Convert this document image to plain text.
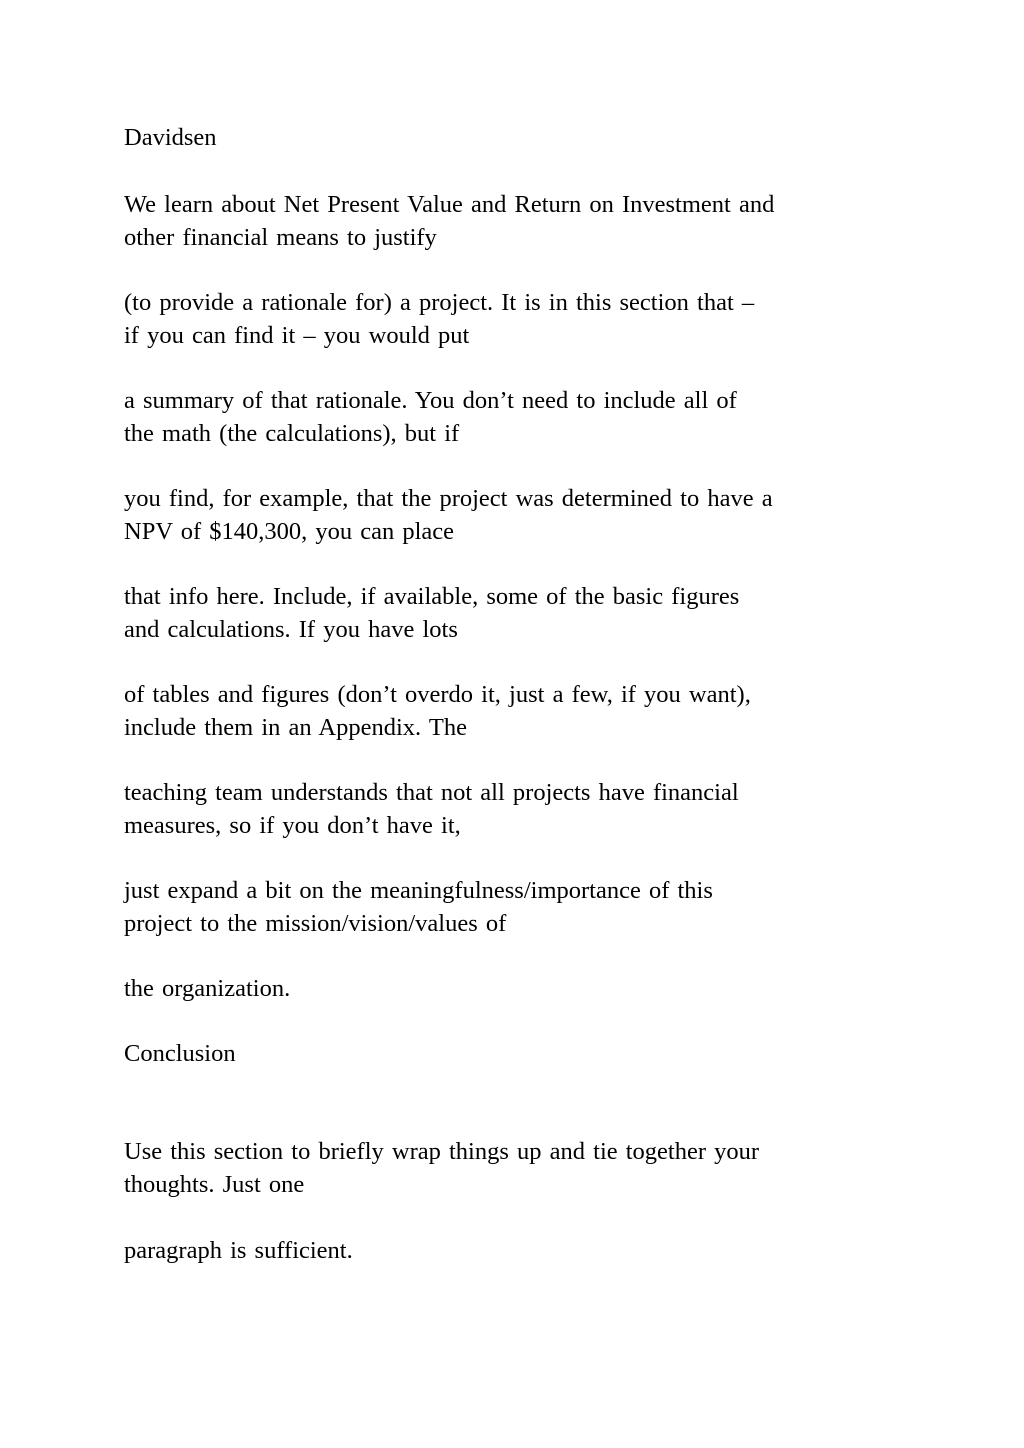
Davidsen

We learn about Net Present Value and Return on Investment and
other financial means to justify

(to provide a rationale for) a project. It is in this section that –
if you can find it – you would put

a summary of that rationale. You don’t need to include all of
the math (the calculations), but if

you find, for example, that the project was determined to have a
NPV of $140,300, you can place

that info here. Include, if available, some of the basic figures
and calculations. If you have lots

of tables and figures (don’t overdo it, just a few, if you want),
include them in an Appendix. The

teaching team understands that not all projects have financial
measures, so if you don’t have it,

just expand a bit on the meaningfulness/importance of this
project to the mission/vision/values of

the organization.

Conclusion

Use this section to briefly wrap things up and tie together your
thoughts. Just one

paragraph is sufficient.
